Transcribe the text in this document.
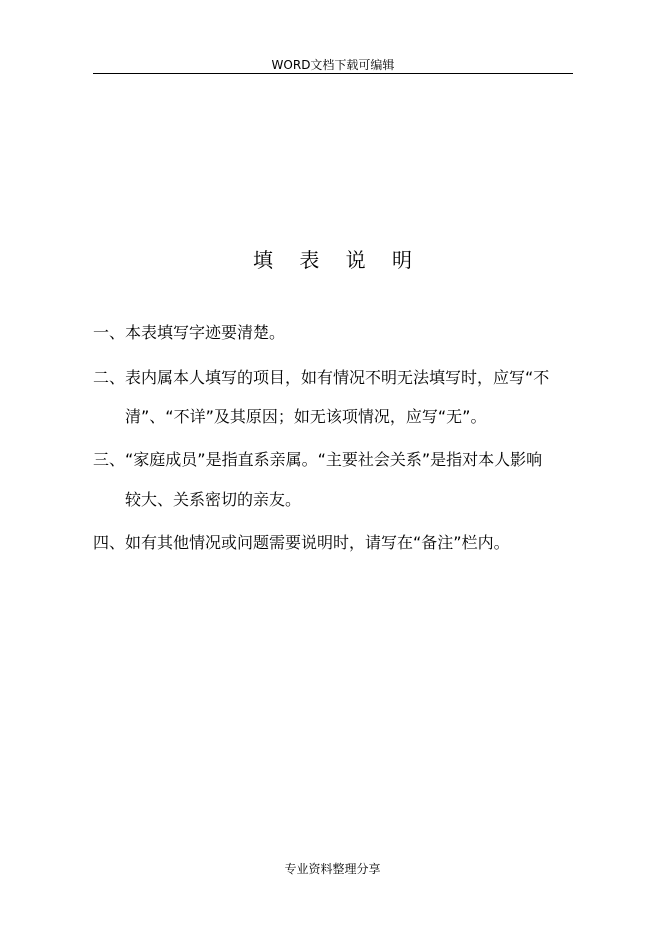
WORD文档下载可编辑
填 表 说 明
一、本表填写字迹要清楚。
二、表内属本人填写的项目，如有情况不明无法填写时，应写“不
清”、“不详”及其原因；如无该项情况，应写“无”。
三、“家庭成员”是指直系亲属。“主要社会关系”是指对本人影响
较大、关系密切的亲友。
四、如有其他情况或问题需要说明时，请写在“备注”栏内。
专业资料整理分享
